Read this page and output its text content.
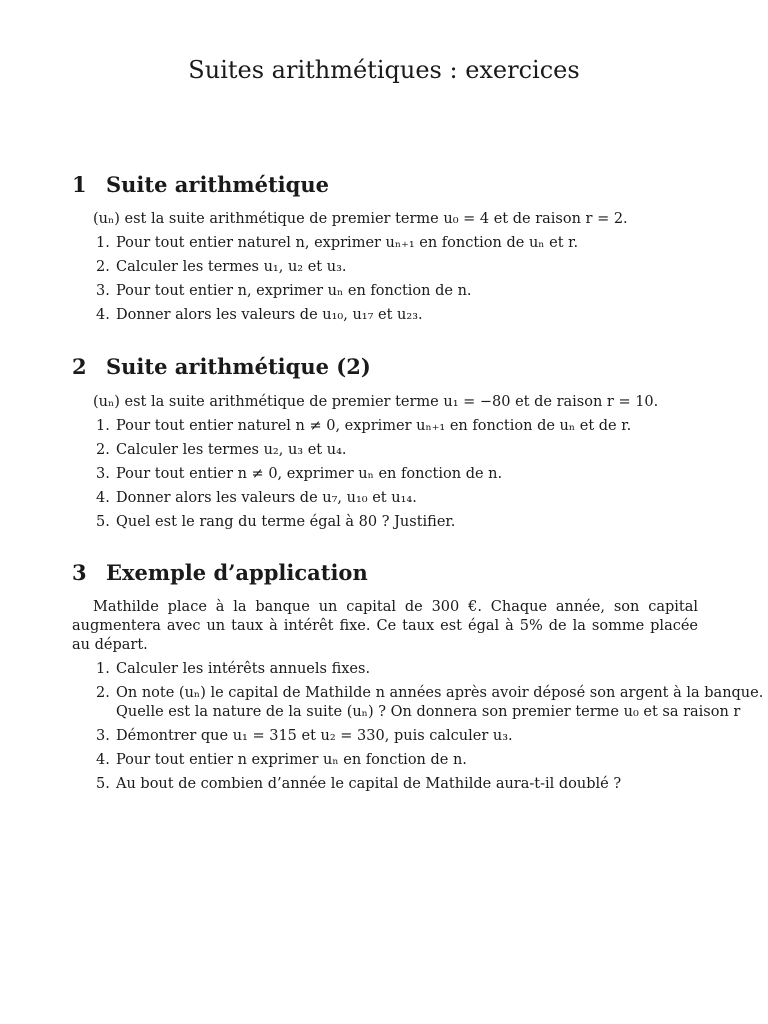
Suites arithmétiques : exercices
1 Suite arithmétique

(uₙ) est la suite arithmétique de premier terme u₀ = 4 et de raison r = 2.

1. Pour tout entier naturel n, exprimer uₙ₊₁ en fonction de uₙ et r.
2. Calculer les termes u₁, u₂ et u₃.
3. Pour tout entier n, exprimer uₙ en fonction de n.
4. Donner alors les valeurs de u₁₀, u₁₇ et u₂₃.
2 Suite arithmétique (2)

(uₙ) est la suite arithmétique de premier terme u₁ = −80 et de raison r = 10.

1. Pour tout entier naturel n ≠ 0, exprimer uₙ₊₁ en fonction de uₙ et de r.
2. Calculer les termes u₂, u₃ et u₄.
3. Pour tout entier n ≠ 0, exprimer uₙ en fonction de n.
4. Donner alors les valeurs de u₇, u₁₀ et u₁₄.
5. Quel est le rang du terme égal à 80 ? Justifier.
3 Exemple d’application

Mathilde place à la banque un capital de 300 €. Chaque année, son capital augmentera avec un taux à intérêt fixe. Ce taux est égal à 5% de la somme placée au départ.

1. Calculer les intérêts annuels fixes.
2. On note (uₙ) le capital de Mathilde n années après avoir déposé son argent à la banque.
Quelle est la nature de la suite (uₙ) ? On donnera son premier terme u₀ et sa raison r
3. Démontrer que u₁ = 315 et u₂ = 330, puis calculer u₃.
4. Pour tout entier n exprimer uₙ en fonction de n.
5. Au bout de combien d’année le capital de Mathilde aura-t-il doublé ?
